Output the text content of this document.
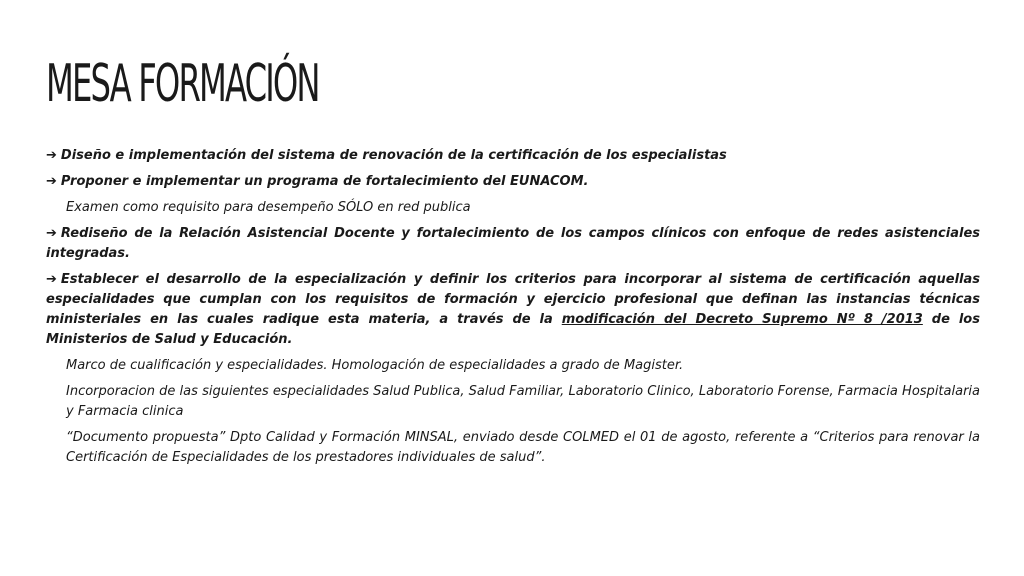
MESA FORMACIÓN

➔ Diseño e implementación del sistema de renovación de la certificación de los especialistas

➔ Proponer e implementar un programa de fortalecimiento del EUNACOM.

Examen como requisito para desempeño SÓLO en red publica

➔ Rediseño de la Relación Asistencial Docente y fortalecimiento de los campos clínicos con enfoque de redes asistenciales integradas.

➔ Establecer el desarrollo de la especialización y definir los criterios para incorporar al sistema de certificación aquellas especialidades que cumplan con los requisitos de formación y ejercicio profesional que definan las instancias técnicas ministeriales en las cuales radique esta materia, a través de la modificación del Decreto Supremo Nº 8 /2013 de los Ministerios de Salud y Educación.

Marco de cualificación y especialidades. Homologación de especialidades a grado de Magister.

Incorporacion de las siguientes especialidades Salud Publica, Salud Familiar, Laboratorio Clinico, Laboratorio Forense, Farmacia Hospitalaria y Farmacia clinica

“Documento propuesta” Dpto Calidad y Formación MINSAL, enviado desde COLMED el 01 de agosto, referente a “Criterios para renovar la Certificación de Especialidades de los prestadores individuales de salud”.
